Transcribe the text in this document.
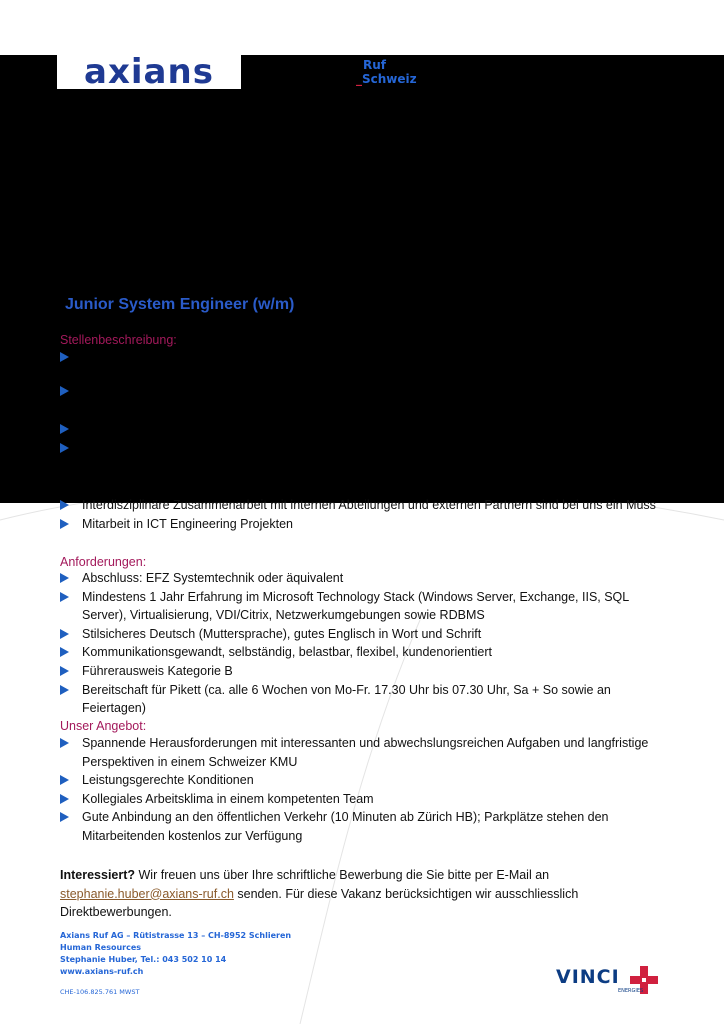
axians	Ruf
_Schweiz
Junior System Engineer (w/m)
Stellenbeschreibung:
Interdisziplinäre Zusammenarbeit mit internen Abteilungen und externen Partnern sind bei uns ein Muss
Mitarbeit in ICT Engineering Projekten
Anforderungen:
Abschluss: EFZ Systemtechnik oder äquivalent
Mindestens 1 Jahr Erfahrung im Microsoft Technology Stack (Windows Server, Exchange, IIS, SQL Server), Virtualisierung, VDI/Citrix, Netzwerkumgebungen sowie RDBMS
Stilsicheres Deutsch (Muttersprache), gutes Englisch in Wort und Schrift
Kommunikationsgewandt, selbständig, belastbar, flexibel, kundenorientiert
Führerausweis Kategorie B
Bereitschaft für Pikett (ca. alle 6 Wochen von Mo-Fr. 17.30 Uhr bis 07.30 Uhr, Sa + So sowie an Feiertagen)
Unser Angebot:
Spannende Herausforderungen mit interessanten und abwechslungsreichen Aufgaben und langfristige Perspektiven in einem Schweizer KMU
Leistungsgerechte Konditionen
Kollegiales Arbeitsklima in einem kompetenten Team
Gute Anbindung an den öffentlichen Verkehr (10 Minuten ab Zürich HB); Parkplätze stehen den Mitarbeitenden kostenlos zur Verfügung
Interessiert? Wir freuen uns über Ihre schriftliche Bewerbung die Sie bitte per E-Mail an stephanie.huber@axians-ruf.ch senden. Für diese Vakanz berücksichtigen wir ausschliesslich Direktbewerbungen.
Axians Ruf AG – Rütistrasse 13 – CH-8952 Schlieren
Human Resources
Stephanie Huber, Tel.: 043 502 10 14
www.axians-ruf.ch
CHE-106.825.761 MWST
VINCI
ENERGIES
